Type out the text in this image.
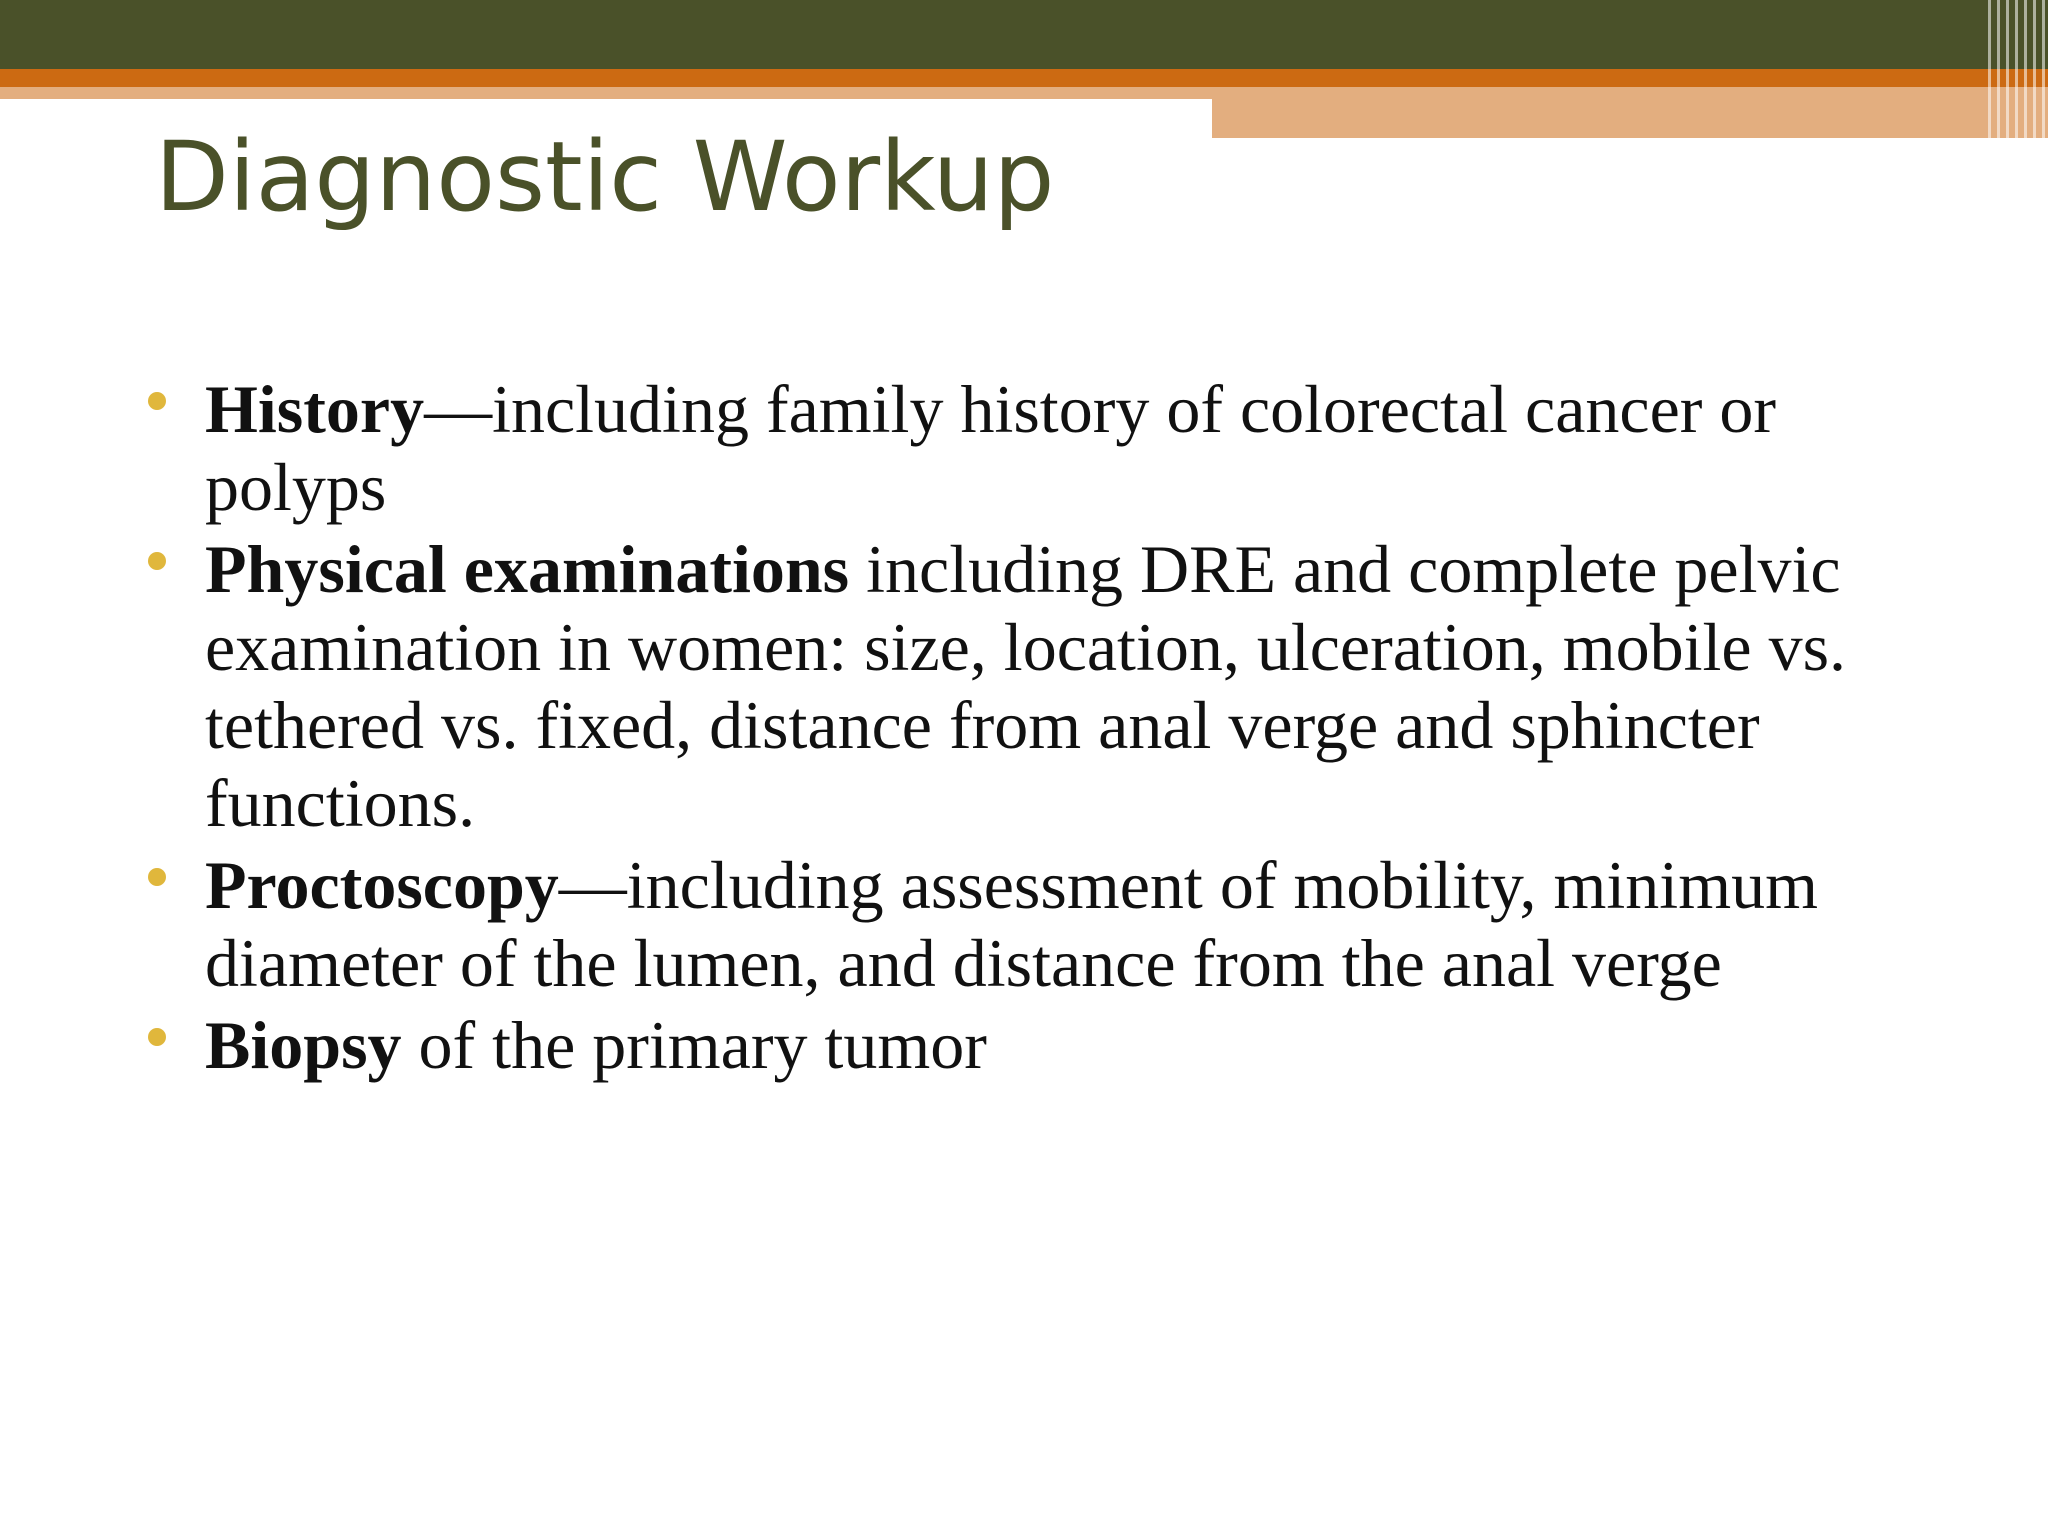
Diagnostic Workup
History—including family history of colorectal cancer or polyps
Physical examinations including DRE and complete pelvic examination in women: size, location, ulceration, mobile vs. tethered vs. fixed, distance from anal verge and sphincter functions.
Proctoscopy—including assessment of mobility, minimum diameter of the lumen, and distance from the anal verge
Biopsy of the primary tumor
